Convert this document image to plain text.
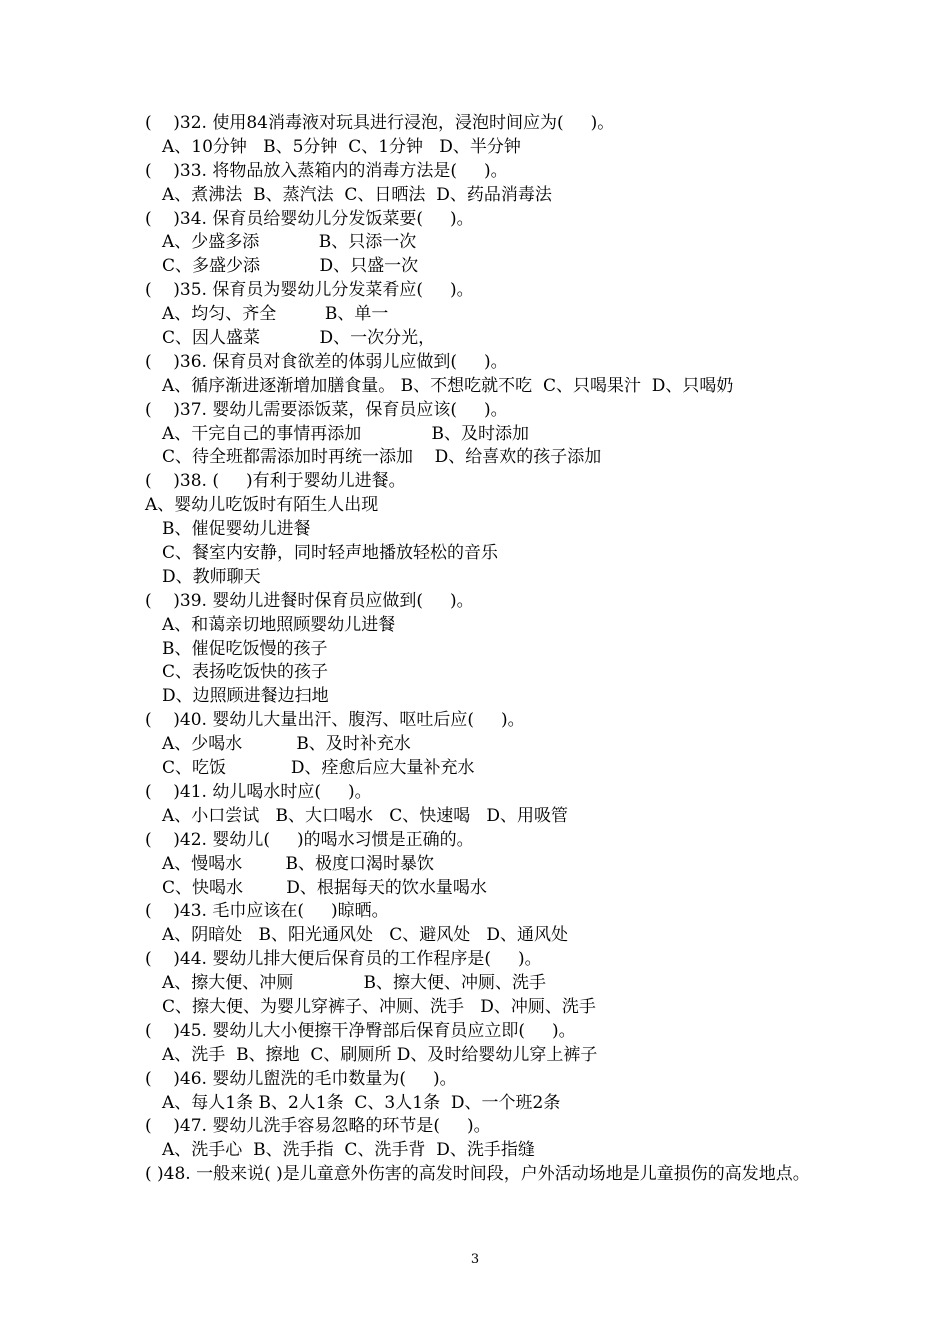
(    )32. 使用84消毒液对玩具进行浸泡，浸泡时间应为(     )。
A、10分钟   B、5分钟  C、1分钟   D、半分钟
(    )33. 将物品放入蒸箱内的消毒方法是(     )。
A、煮沸法  B、蒸汽法  C、日晒法  D、药品消毒法
(    )34. 保育员给婴幼儿分发饭菜要(     )。
A、少盛多添           B、只添一次
C、多盛少添           D、只盛一次
(    )35. 保育员为婴幼儿分发菜肴应(     )。
A、均匀、齐全         B、单一
C、因人盛菜           D、一次分光，
(    )36. 保育员对食欲差的体弱儿应做到(     )。
A、循序渐进逐渐增加膳食量。 B、不想吃就不吃  C、只喝果汁  D、只喝奶
(    )37. 婴幼儿需要添饭菜，保育员应该(     )。
A、干完自己的事情再添加             B、及时添加
C、待全班都需添加时再统一添加    D、给喜欢的孩子添加
(    )38. (     )有利于婴幼儿进餐。
A、婴幼儿吃饭时有陌生人出现
B、催促婴幼儿进餐
C、餐室内安静，同时轻声地播放轻松的音乐
D、教师聊天
(    )39. 婴幼儿进餐时保育员应做到(     )。
A、和蔼亲切地照顾婴幼儿进餐
B、催促吃饭慢的孩子
C、表扬吃饭快的孩子
D、边照顾进餐边扫地
(    )40. 婴幼儿大量出汗、腹泻、呕吐后应(     )。
A、少喝水          B、及时补充水
C、吃饭            D、痊愈后应大量补充水
(    )41. 幼儿喝水时应(     )。
A、小口尝试   B、大口喝水   C、快速喝   D、用吸管
(    )42. 婴幼儿(     )的喝水习惯是正确的。
A、慢喝水        B、极度口渴时暴饮
C、快喝水        D、根据每天的饮水量喝水
(    )43. 毛巾应该在(     )晾晒。
A、阴暗处   B、阳光通风处   C、避风处   D、通风处
(    )44. 婴幼儿排大便后保育员的工作程序是(     )。
A、擦大便、冲厕             B、擦大便、冲厕、洗手
C、擦大便、为婴儿穿裤子、冲厕、洗手   D、冲厕、洗手
(    )45. 婴幼儿大小便擦干净臀部后保育员应立即(     )。
A、洗手  B、擦地  C、刷厕所 D、及时给婴幼儿穿上裤子
(    )46. 婴幼儿盥洗的毛巾数量为(     )。
A、每人1条 B、2人1条  C、3人1条  D、一个班2条
(    )47. 婴幼儿洗手容易忽略的环节是(     )。
A、洗手心  B、洗手指  C、洗手背  D、洗手指缝
( )48. 一般来说( )是儿童意外伤害的高发时间段，户外活动场地是儿童损伤的高发地点。
3
